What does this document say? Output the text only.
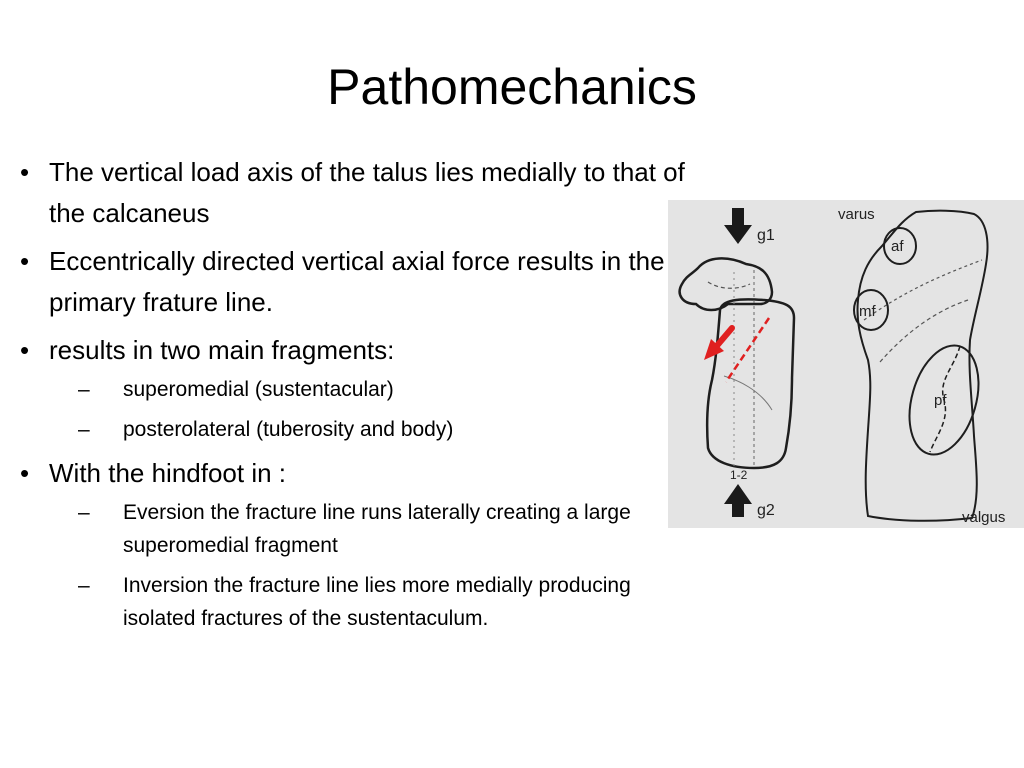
Pathomechanics
• The vertical load axis of the talus lies medially to that of the calcaneus
• Eccentrically directed vertical axial force results in the primary frature line.
• results in two main fragments:
– superomedial (sustentacular)
– posterolateral (tuberosity and body)
• With the hindfoot in :
– Eversion the fracture line runs laterally creating a large superomedial fragment
– Inversion the fracture line lies more medially producing isolated fractures of the sustentaculum.
g1
1-2
g2
varus
af
mf
pf
valgus
